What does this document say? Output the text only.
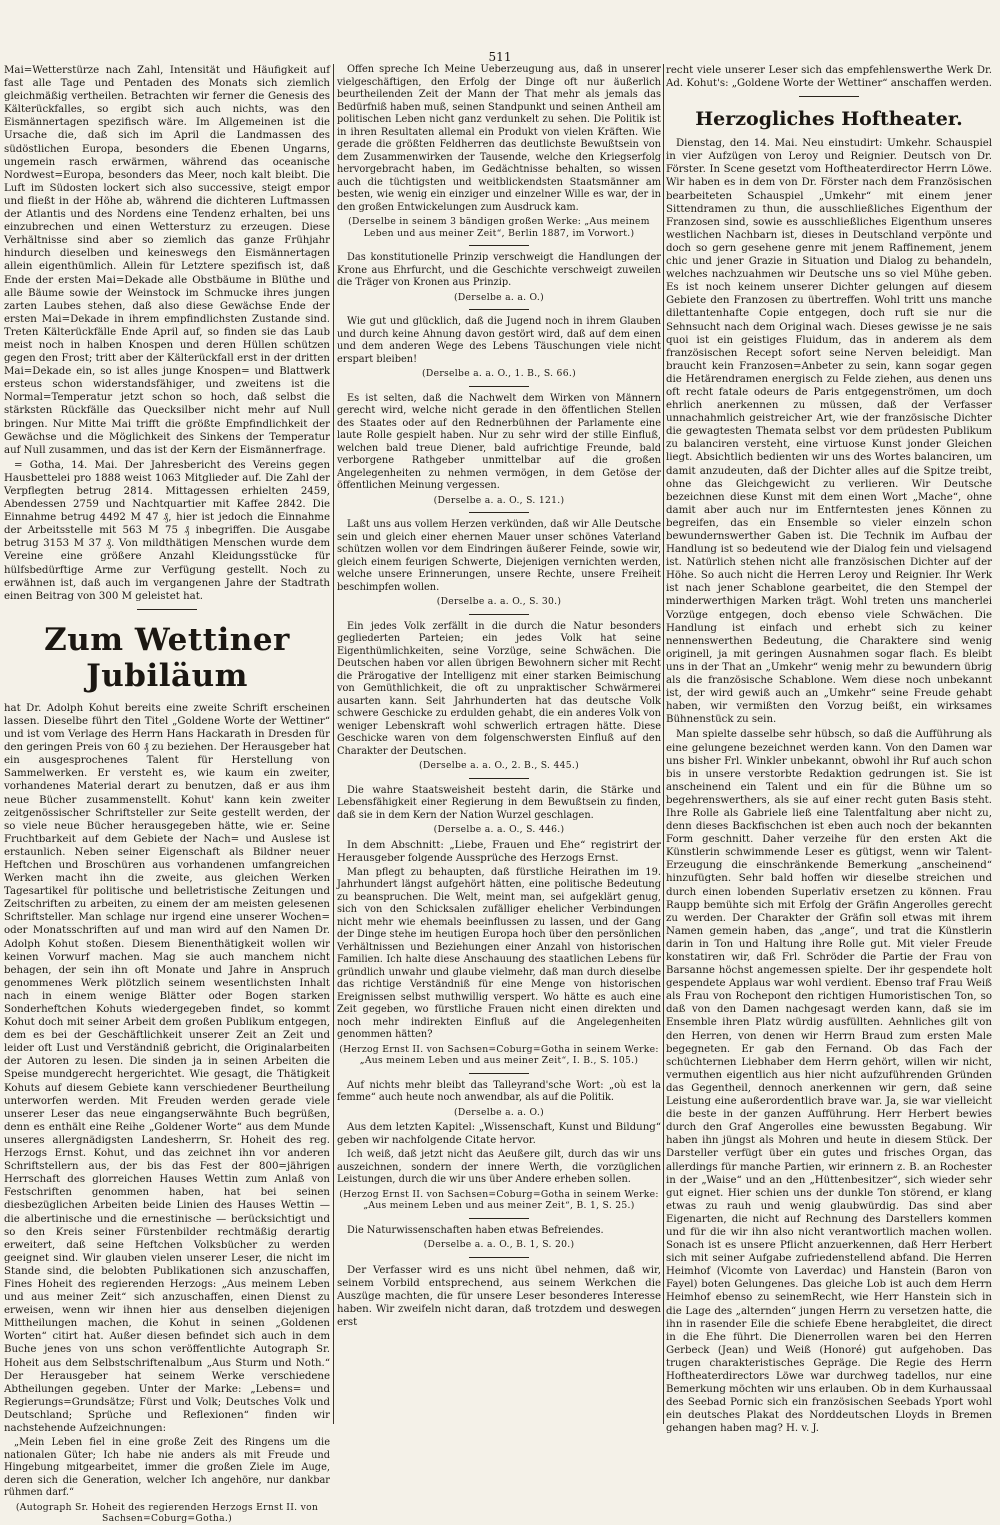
511

Mai=Wetterstürze nach Zahl, Intensität und Häufigkeit auf fast alle Tage und Pentaden des Monats sich ziemlich gleichmäßig vertheilen. Betrachten wir ferner die Genesis des Kälterückfalles, so ergibt sich auch nichts, was den Eismännertagen spezifisch wäre. Im Allgemeinen ist die Ursache die, daß sich im April die Landmassen des südöstlichen Europa, besonders die Ebenen Ungarns, ungemein rasch erwärmen, während das oceanische Nordwest=Europa, besonders das Meer, noch kalt bleibt. Die Luft im Südosten lockert sich also successive, steigt empor und fließt in der Höhe ab, während die dichteren Luftmassen der Atlantis und des Nordens eine Tendenz erhalten, bei uns einzubrechen und einen Wettersturz zu erzeugen. Diese Verhältnisse sind aber so ziemlich das ganze Frühjahr hindurch dieselben und keineswegs den Eismännertagen allein eigenthümlich. Allein für Letztere spezifisch ist, daß Ende der ersten Mai=Dekade alle Obstbäume in Blüthe und alle Bäume sowie der Weinstock im Schmucke ihres jungen zarten Laubes stehen, daß also diese Gewächse Ende der ersten Mai=Dekade in ihrem empfindlichsten Zustande sind. Treten Kälterückfälle Ende April auf, so finden sie das Laub meist noch in halben Knospen und deren Hüllen schützen gegen den Frost; tritt aber der Kälterückfall erst in der dritten Mai=Dekade ein, so ist alles junge Knospen= und Blattwerk ersteus schon widerstandsfähiger, und zweitens ist die Normal=Temperatur jetzt schon so hoch, daß selbst die stärksten Rückfälle das Quecksilber nicht mehr auf Null bringen. Nur Mitte Mai trifft die größte Empfindlichkeit der Gewächse und die Möglichkeit des Sinkens der Temperatur auf Null zusammen, und das ist der Kern der Eismännerfrage.

= Gotha, 14. Mai. Der Jahresbericht des Vereins gegen Hausbettelei pro 1888 weist 1063 Mitglieder auf. Die Zahl der Verpflegten betrug 2814. Mittagessen erhielten 2459, Abendessen 2759 und Nachtquartier mit Kaffee 2842. Die Einnahme betrug 4492 M 47 ₰, hier ist jedoch die Einnahme der Arbeitsstelle mit 563 M 75 ₰ inbegriffen. Die Ausgabe betrug 3153 M 37 ₰. Von mildthätigen Menschen wurde dem Vereine eine größere Anzahl Kleidungsstücke für hülfsbedürftige Arme zur Verfügung gestellt. Noch zu erwähnen ist, daß auch im vergangenen Jahre der Stadtrath einen Beitrag von 300 M geleistet hat.

Zum Wettiner Jubiläum

hat Dr. Adolph Kohut bereits eine zweite Schrift erscheinen lassen. Dieselbe führt den Titel „Goldene Worte der Wettiner“ und ist vom Verlage des Herrn Hans Hackarath in Dresden für den geringen Preis von 60 ₰ zu beziehen. Der Herausgeber hat ein ausgesprochenes Talent für Herstellung von Sammelwerken. Er versteht es, wie kaum ein zweiter, vorhandenes Material derart zu benutzen, daß er aus ihm neue Bücher zusammenstellt. Kohut' kann kein zweiter zeitgenössischer Schriftsteller zur Seite gestellt werden, der so viele neue Bücher herausgegeben hätte, wie er. Seine Fruchtbarkeit auf dem Gebiete der Nach= und Auslese ist erstaunlich. Neben seiner Eigenschaft als Bildner neuer Heftchen und Broschüren aus vorhandenen umfangreichen Werken macht ihn die zweite, aus gleichen Werken Tagesartikel für politische und belletristische Zeitungen und Zeitschriften zu arbeiten, zu einem der am meisten gelesenen Schriftsteller. Man schlage nur irgend eine unserer Wochen= oder Monatsschriften auf und man wird auf den Namen Dr. Adolph Kohut stoßen. Diesem Bienenthätigkeit wollen wir keinen Vorwurf machen. Mag sie auch manchem nicht behagen, der sein ihn oft Monate und Jahre in Anspruch genommenes Werk plötzlich seinem wesentlichsten Inhalt nach in einem wenige Blätter oder Bogen starken Sonderheftchen Kohuts wiedergegeben findet, so kommt Kohut doch mit seiner Arbeit dem großen Publikum entgegen, dem es bei der Geschäftlichkeit unserer Zeit an Zeit und leider oft Lust und Verständniß gebricht, die Originalarbeiten der Autoren zu lesen. Die sinden ja in seinen Arbeiten die Speise mundgerecht hergerichtet. Wie gesagt, die Thätigkeit Kohuts auf diesem Gebiete kann verschiedener Beurtheilung unterworfen werden. Mit Freuden werden gerade viele unserer Leser das neue eingangserwähnte Buch begrüßen, denn es enthält eine Reihe „Goldener Worte“ aus dem Munde unseres allergnädigsten Landesherrn, Sr. Hoheit des reg. Herzogs Ernst. Kohut, und das zeichnet ihn vor anderen Schriftstellern aus, der bis das Fest der 800=jährigen Herrschaft des glorreichen Hauses Wettin zum Anlaß von Festschriften genommen haben, hat bei seinen diesbezüglichen Arbeiten beide Linien des Hauses Wettin — die albertinische und die ernestinische — berücksichtigt und so den Kreis seiner Fürstenbilder rechtmäßig derartig erweitert, daß seine Heftchen Volksbücher zu werden geeignet sind. Wir glauben vielen unserer Leser, die nicht im Stande sind, die belobten Publikationen sich anzuschaffen, Fines Hoheit des regierenden Herzogs: „Aus meinem Leben und aus meiner Zeit“ sich anzuschaffen, einen Dienst zu erweisen, wenn wir ihnen hier aus denselben diejenigen Mittheilungen machen, die Kohut in seinen „Goldenen Worten“ citirt hat. Außer diesen befindet sich auch in dem Buche jenes von uns schon veröffentlichte Autograph Sr. Hoheit aus dem Selbstschriftenalbum „Aus Sturm und Noth.“ Der Herausgeber hat seinem Werke verschiedene Abtheilungen gegeben. Unter der Marke: „Lebens= und Regierungs=Grundsätze; Fürst und Volk; Deutsches Volk und Deutschland; Sprüche und Reflexionen“ finden wir nachstehende Aufzeichnungen:

„Mein Leben fiel in eine große Zeit des Ringens um die nationalen Güter; Ich habe nie anders als mit Freude und Hingebung mitgearbeitet, immer die großen Ziele im Auge, deren sich die Generation, welcher Ich angehöre, nur dankbar rühmen darf.“

(Autograph Sr. Hoheit des regierenden Herzogs Ernst II. von Sachsen=Coburg=Gotha.)

Offen spreche Ich Meine Ueberzeugung aus, daß in unserer vielgeschäftigen, den Erfolg der Dinge oft nur äußerlich beurtheilenden Zeit der Mann der That mehr als jemals das Bedürfniß haben muß, seinen Standpunkt und seinen Antheil am politischen Leben nicht ganz verdunkelt zu sehen. Die Politik ist in ihren Resultaten allemal ein Produkt von vielen Kräften. Wie gerade die größten Feldherren das deutlichste Bewußtsein von dem Zusammenwirken der Tausende, welche den Kriegserfolg hervorgebracht haben, im Gedächtnisse behalten, so wissen auch die tüchtigsten und weitblickendsten Staatsmänner am besten, wie wenig ein einziger und einzelner Wille es war, der in den großen Entwickelungen zum Ausdruck kam.

(Derselbe in seinem 3 bändigen großen Werke: „Aus meinem Leben und aus meiner Zeit“, Berlin 1887, im Vorwort.)

Das konstitutionelle Prinzip verschweigt die Handlungen der Krone aus Ehrfurcht, und die Geschichte verschweigt zuweilen die Träger von Kronen aus Prinzip.

(Derselbe a. a. O.)

Wie gut und glücklich, daß die Jugend noch in ihrem Glauben und durch keine Ahnung davon gestört wird, daß auf dem einen und dem anderen Wege des Lebens Täuschungen viele nicht erspart bleiben!

(Derselbe a. a. O., 1. B., S. 66.)

Es ist selten, daß die Nachwelt dem Wirken von Männern gerecht wird, welche nicht gerade in den öffentlichen Stellen des Staates oder auf den Rednerbühnen der Parlamente eine laute Rolle gespielt haben. Nur zu sehr wird der stille Einfluß, welchen bald treue Diener, bald aufrichtige Freunde, bald verborgene Rathgeber unmittelbar auf die großen Angelegenheiten zu nehmen vermögen, in dem Getöse der öffentlichen Meinung vergessen.

(Derselbe a. a. O., S. 121.)

Laßt uns aus vollem Herzen verkünden, daß wir Alle Deutsche sein und gleich einer ehernen Mauer unser schönes Vaterland schützen wollen vor dem Eindringen äußerer Feinde, sowie wir, gleich einem feurigen Schwerte, Diejenigen vernichten werden, welche unsere Erinnerungen, unsere Rechte, unsere Freiheit beschimpfen wollen.

(Derselbe a. a. O., S. 30.)

Ein jedes Volk zerfällt in die durch die Natur besonders gegliederten Parteien; ein jedes Volk hat seine Eigenthümlichkeiten, seine Vorzüge, seine Schwächen. Die Deutschen haben vor allen übrigen Bewohnern sicher mit Recht die Prärogative der Intelligenz mit einer starken Beimischung von Gemüthlichkeit, die oft zu unpraktischer Schwärmerei ausarten kann. Seit Jahrhunderten hat das deutsche Volk schwere Geschicke zu erdulden gehabt, die ein anderes Volk von weniger Lebenskraft wohl schwerlich ertragen hätte. Diese Geschicke waren von dem folgenschwersten Einfluß auf den Charakter der Deutschen.

(Derselbe a. a. O., 2. B., S. 445.)

Die wahre Staatsweisheit besteht darin, die Stärke und Lebensfähigkeit einer Regierung in dem Bewußtsein zu finden, daß sie in dem Kern der Nation Wurzel geschlagen.

(Derselbe a. a. O., S. 446.)

In dem Abschnitt: „Liebe, Frauen und Ehe“ registrirt der Herausgeber folgende Aussprüche des Herzogs Ernst.

Man pflegt zu behaupten, daß fürstliche Heirathen im 19. Jahrhundert längst aufgehört hätten, eine politische Bedeutung zu beanspruchen. Die Welt, meint man, sei aufgeklärt genug, sich von den Schicksalen zufälliger ehelicher Verbindungen nicht mehr wie ehemals beeinflussen zu lassen, und der Gang der Dinge stehe im heutigen Europa hoch über den persönlichen Verhältnissen und Beziehungen einer Anzahl von historischen Familien. Ich halte diese Anschauung des staatlichen Lebens für gründlich unwahr und glaube vielmehr, daß man durch dieselbe das richtige Verständniß für eine Menge von historischen Ereignissen selbst muthwillig verspert. Wo hätte es auch eine Zeit gegeben, wo fürstliche Frauen nicht einen direkten und noch mehr indirekten Einfluß auf die Angelegenheiten genommen hätten?

(Herzog Ernst II. von Sachsen=Coburg=Gotha in seinem Werke: „Aus meinem Leben und aus meiner Zeit“, I. B., S. 105.)

Auf nichts mehr bleibt das Talleyrand'sche Wort: „où est la femme“ auch heute noch anwendbar, als auf die Politik.

(Derselbe a. a. O.)

Aus dem letzten Kapitel: „Wissenschaft, Kunst und Bildung“ geben wir nachfolgende Citate hervor.

Ich weiß, daß jetzt nicht das Aeußere gilt, durch das wir uns auszeichnen, sondern der innere Werth, die vorzüglichen Leistungen, durch die wir uns über Andere erheben sollen.

(Herzog Ernst II. von Sachsen=Coburg=Gotha in seinem Werke: „Aus meinem Leben und aus meiner Zeit“, B. 1, S. 25.)

Die Naturwissenschaften haben etwas Befreiendes.

(Derselbe a. a. O., B. 1, S. 20.)

Der Verfasser wird es uns nicht übel nehmen, daß wir, seinem Vorbild entsprechend, aus seinem Werkchen die Auszüge machten, die für unsere Leser besonderes Interesse haben. Wir zweifeln nicht daran, daß trotzdem und deswegen erst

recht viele unserer Leser sich das empfehlenswerthe Werk Dr. Ad. Kohut's: „Goldene Worte der Wettiner“ anschaffen werden.

Herzogliches Hoftheater.

Dienstag, den 14. Mai. Neu einstudirt: Umkehr. Schauspiel in vier Aufzügen von Leroy und Reignier. Deutsch von Dr. Förster. In Scene gesetzt vom Hoftheaterdirector Herrn Löwe. Wir haben es in dem von Dr. Förster nach dem Französischen bearbeiteten Schauspiel „Umkehr“ mit einem jener Sittendramen zu thun, die ausschließliches Eigenthum der Franzosen sind, sowie es ausschließliches Eigenthum unseres westlichen Nachbarn ist, dieses in Deutschland verpönte und doch so gern gesehene genre mit jenem Raffinement, jenem chic und jener Grazie in Situation und Dialog zu behandeln, welches nachzuahmen wir Deutsche uns so viel Mühe geben. Es ist noch keinem unserer Dichter gelungen auf diesem Gebiete den Franzosen zu übertreffen. Wohl tritt uns manche dilettantenhafte Copie entgegen, doch ruft sie nur die Sehnsucht nach dem Original wach. Dieses gewisse je ne sais quoi ist ein geistiges Fluidum, das in anderem als dem französischen Recept sofort seine Nerven beleidigt. Man braucht kein Franzosen=Anbeter zu sein, kann sogar gegen die Hetärendramen energisch zu Felde ziehen, aus denen uns oft recht fatale odeurs de Paris entgegenströmen, um doch ehrlich anerkennen zu müssen, daß der Verfasser unnachahmlich geistreicher Art, wie der französische Dichter die gewagtesten Themata selbst vor dem prüdesten Publikum zu balanciren versteht, eine virtuose Kunst jonder Gleichen liegt. Absichtlich bedienten wir uns des Wortes balanciren, um damit anzudeuten, daß der Dichter alles auf die Spitze treibt, ohne das Gleichgewicht zu verlieren. Wir Deutsche bezeichnen diese Kunst mit dem einen Wort „Mache“, ohne damit aber auch nur im Entferntesten jenes Können zu begreifen, das ein Ensemble so vieler einzeln schon bewundernswerther Gaben ist. Die Technik im Aufbau der Handlung ist so bedeutend wie der Dialog fein und vielsagend ist. Natürlich stehen nicht alle französischen Dichter auf der Höhe. So auch nicht die Herren Leroy und Reignier. Ihr Werk ist nach jener Schablone gearbeitet, die den Stempel der minderwerthigen Marken trägt. Wohl treten uns mancherlei Vorzüge entgegen, doch ebenso viele Schwächen. Die Handlung ist einfach und erhebt sich zu keiner nennenswerthen Bedeutung, die Charaktere sind wenig originell, ja mit geringen Ausnahmen sogar flach. Es bleibt uns in der That an „Umkehr“ wenig mehr zu bewundern übrig als die französische Schablone. Wem diese noch unbekannt ist, der wird gewiß auch an „Umkehr“ seine Freude gehabt haben, wir vermißten den Vorzug beißt, ein wirksames Bühnenstück zu sein.

Man spielte dasselbe sehr hübsch, so daß die Aufführung als eine gelungene bezeichnet werden kann. Von den Damen war uns bisher Frl. Winkler unbekannt, obwohl ihr Ruf auch schon bis in unsere verstorbte Redaktion gedrungen ist. Sie ist anscheinend ein Talent und ein für die Bühne um so begehrenswerthers, als sie auf einer recht guten Basis steht. Ihre Rolle als Gabriele ließ eine Talentfaltung aber nicht zu, denn dieses Backfischchen ist eben auch noch der bekannten Form geschnitt. Daher verzeihe für den ersten Akt die Künstlerin schwimmende Leser es gütigst, wenn wir Talent-Erzeugung die einschränkende Bemerkung „anscheinend“ hinzufügten. Sehr bald hoffen wir dieselbe streichen und durch einen lobenden Superlativ ersetzen zu können. Frau Raupp bemühte sich mit Erfolg der Gräfin Angerolles gerecht zu werden. Der Charakter der Gräfin soll etwas mit ihrem Namen gemein haben, das „ange“, und trat die Künstlerin darin in Ton und Haltung ihre Rolle gut. Mit vieler Freude konstatiren wir, daß Frl. Schröder die Partie der Frau von Barsanne höchst angemessen spielte. Der ihr gespendete holt gespendete Applaus war wohl verdient. Ebenso traf Frau Weiß als Frau von Rochepont den richtigen Humoristischen Ton, so daß von den Damen nachgesagt werden kann, daß sie im Ensemble ihren Platz würdig ausfüllten. Aehnliches gilt von den Herren, von denen wir Herrn Braud zum ersten Male begegneten. Er gab den Fernand. Ob das Fach der schüchternen Liebhaber dem Herrn gehört, willen wir nicht, vermuthen eigentlich aus hier nicht aufzuführenden Gründen das Gegentheil, dennoch anerkennen wir gern, daß seine Leistung eine außerordentlich brave war. Ja, sie war vielleicht die beste in der ganzen Aufführung. Herr Herbert bewies durch den Graf Angerolles eine bewussten Begabung. Wir haben ihn jüngst als Mohren und heute in diesem Stück. Der Darsteller verfügt über ein gutes und frisches Organ, das allerdings für manche Partien, wir erinnern z. B. an Rochester in der „Waise“ und an den „Hüttenbesitzer“, sich wieder sehr gut eignet. Hier schien uns der dunkle Ton störend, er klang etwas zu rauh und wenig glaubwürdig. Das sind aber Eigenarten, die nicht auf Rechnung des Darstellers kommen und für die wir ihn also nicht verantwortlich machen wollen. Sonach ist es unsere Pflicht anzuerkennen, daß Herr Herbert sich mit seiner Aufgabe zufriedenstellend abfand. Die Herren Heimhof (Vicomte von Laverdac) und Hanstein (Baron von Fayel) boten Gelungenes. Das gleiche Lob ist auch dem Herrn Heimhof ebenso zu seinemRecht, wie Herr Hanstein sich in die Lage des „alternden“ jungen Herrn zu versetzen hatte, die ihn in rasender Eile die schiefe Ebene herabgleitet, die direct in die Ehe führt. Die Dienerrollen waren bei den Herren Gerbeck (Jean) und Weiß (Honoré) gut aufgehoben. Das trugen charakteristisches Gepräge. Die Regie des Herrn Hoftheaterdirectors Löwe war durchweg tadellos, nur eine Bemerkung möchten wir uns erlauben. Ob in dem Kurhaussaal des Seebad Pornic sich ein französischen Seebads Yport wohl ein deutsches Plakat des Norddeutschen Lloyds in Bremen gehangen haben mag? H. v. J.
